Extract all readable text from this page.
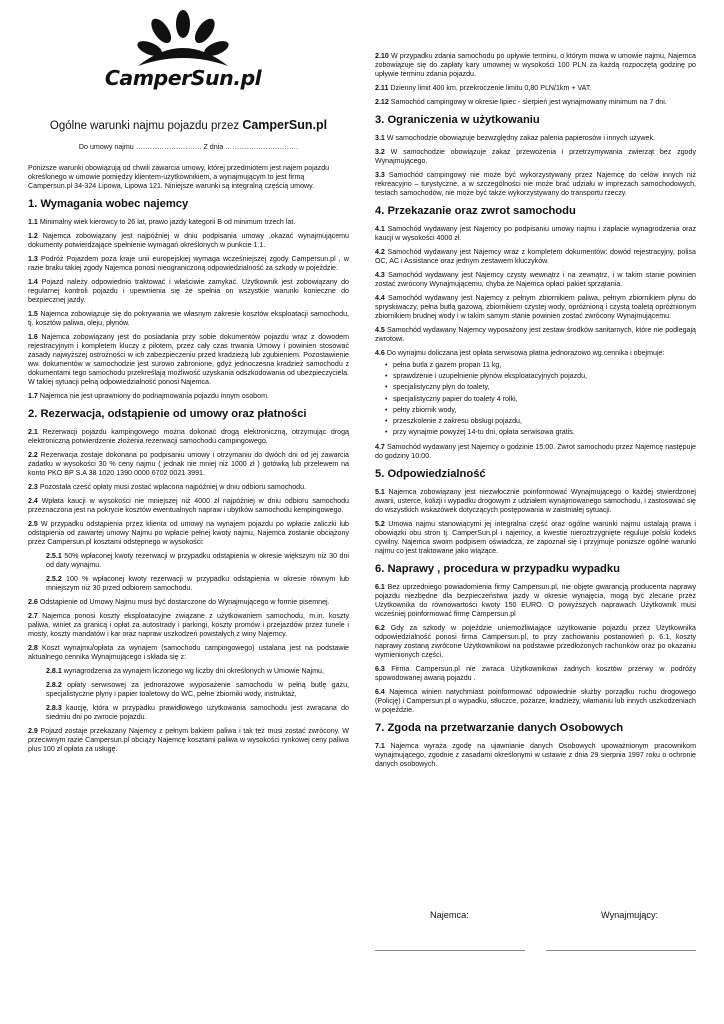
CamperSun.pl

Ogólne warunki najmu pojazdu przez CamperSun.pl

Do umowy najmu ………………………. Z dnia ………………………….

Poniższe warunki obowiązują od chwili zawarcia umowy, której przedmiotem jest najem pojazdu określonego w umowie pomiędzy klientem-użytkownikiem, a wynajmującym to jest firmą Campersun.pl 34-324 Lipowa, Lipowa 121. Niniejsze warunki są integralną częścią umowy.

1. Wymagania wobec najemcy

1.1 Minimalny wiek kierowcy to 26 lat, prawo jazdy kategorii B od minimum trzech lat.

1.2 Najemca zobowiązany jest najpóźniej w dniu podpisania umowy ,okazać wynajmującemu dokumenty potwierdzające spełnienie wymagań określonych w punkcie 1.1.

1.3 Podróż Pojazdem poza kraje unii europejskiej wymaga wcześniejszej zgody Campersun.pl , w razie braku takiej zgody Najemca ponosi nieograniczoną odpowiedzialność za szkody w pojeździe.

1.4 Pojazd należy odpowiednio traktować i właściwie zamykać. Użytkownik jest zobowiązany do regularnej kontroli pojazdu i upewnienia się że spełnia on wszystkie warunki konieczne do bezpiecznej jazdy.

1.5 Najemca zobowiązuje się do pokrywania we własnym zakresie kosztów eksploatacji samochodu, tj. kosztów paliwa, oleju, płynów.

1.6 Najemca zobowiązany jest do posiadania przy sobie dokumentów pojazdu wraz z dowodem rejestracyjnym i kompletem kluczy z pilotem, przez cały czas trwania Umowy i powinien stosować zasady najwyższej ostrożności w ich zabezpieczeniu przed kradzieżą lub zgubieniem. Pozostawienie ww. dokumentów w samochodzie jest surowo zabronione, gdyż jednoczesna kradzież samochodu z dokumentami tego samochodu przekreślają możliwość uzyskania odszkodowania od ubezpieczyciela. W takiej sytuacji pełną odpowiedzialność ponosi Najemca.

1.7 Najemca nie jest uprawniony do podnajmowania pojazdu innym osobom.

2. Rezerwacja, odstąpienie od umowy oraz płatności

2.1 Rezerwacji pojazdu kampingowego można dokonać drogą elektroniczną, otrzymując drogą elektroniczną potwierdzenie złożenia rezerwacji samochodu campingowego.

2.2 Rezerwacja zostaje dokonana po podpisaniu umowy i otrzymaniu do dwóch dni od jej zawarcia zadatku w wysokości 30 % ceny najmu ( jednak nie mniej niż 1000 zł ) gotówką lub przelewem na konto PKO BP S.A 38 1020 1390 0000 6702 0021 3991.

2.3 Pozostała cześć opłaty musi zostać wpłacona najpóźniej w dniu odbioru samochodu.

2.4 Wpłata kaucji w wysokości nie mniejszej niż 4000 zł najpóźniej w dniu odbioru samochodu przeznaczona jest na pokrycie kosztów ewentualnych napraw i ubytków samochodu kempingowego.

2.5 W przypadku odstąpienia przez klienta od umowy na wynajem pojazdu po wpłacie zaliczki lub odstąpienia od zawartej umowy Najmu po wpłacie pełnej kwoty najmu, Najemca zostanie obciążony przez Campersun.pl kosztami odstępnego w wysokości:

2.5.1 50% wpłaconej kwoty rezerwacji w przypadku odstąpienia w okresie większym niż 30 dni od daty wynajmu.

2.5.2 100 % wpłaconej kwoty rezerwacji w przypadku odstąpienia w okresie równym lub mniejszym niż 30 przed odbiorem samochodu.

2.6 Odstąpienie od Umowy Najmu musi być dostarczone do Wynajmującego w formie pisemnej.

2.7 Najemca ponosi koszty eksploatacyjne związane z użytkowaniem samochodu, m.in. koszty paliwa, winiet za granicą i opłat za autostrady i parkingi, koszty promów i przejazdów przez tunele i mosty, koszty mandatów i kar oraz napraw uszkodzeń powstałych z winy Najemcy.

2.8 Koszt wynajmu/opłata za wynajem (samochodu campingowego) ustalana jest na podstawie aktualnego cennika Wynajmującego i składa się z:

2.8.1 wynagrodzenia za wynajem liczonego wg liczby dni określonych w Umowie Najmu,

2.8.2 opłaty serwisowej za jednorazowe wyposażenie samochodu w pełną butlę gazu, specjalistyczne płyny i papier toaletowy do WC, pełne zbiorniki wody, instruktaż,

2.8.3 kaucję, która w przypadku prawidłowego użytkowania samochodu jest zwracana do siedmiu dni po zwrocie pojazdu.

2.9 Pojazd zostaje przekazany Najemcy z pełnym bakiem paliwa i tak też musi zostać zwrócony. W przeciwnym razie Campersun.pl obciąży Najemcę kosztami paliwa w wysokości rynkowej ceny paliwa plus 100 zł opłata za usługę.

2.10 W przypadku zdania samochodu po upływie terminu, o którym mowa w umowie najmu, Najemca zobowiązuje się do zapłaty kary umownej w wysokości 100 PLN za każdą rozpoczętą godzinę po upływie terminu zdania pojazdu.

2.11 Dzienny limit 400 km, przekroczenie limitu 0,80 PLN/1km + VAT.

2.12 Samochód campingowy w okresie lipiec - sierpień jest wynajmowany minimum na 7 dni.

3. Ograniczenia w użytkowaniu

3.1 W samochodzie obowiązuje bezwzględny zakaz palenia papierosów i innych używek.

3.2 W samochodzie obowiązuje zakaz przewożenia i przetrzymywania zwierząt bez zgody Wynajmującego.

3.3 Samochód campingowy nie może być wykorzystywany przez Najemcę do celów innych niż rekreacyjno – turystyczne, a w szczególności nie może brać udziału w imprezach samochodowych, testach samochodów, nie może być także wykorzystywany do transportu rzeczy.

4. Przekazanie oraz zwrot samochodu

4.1 Samochód wydawany jest Najemcy po podpisaniu umowy najmu i zapłacie wynagrodzenia oraz kaucji w wysokości 4000 zł.

4.2 Samochód wydawany jest Najemcy wraz z kompletem dokumentów: dowód rejestracyjny, polisa OC, AC i Assistance oraz jednym zestawem kluczyków.

4.3 Samochód wydawany jest Najemcy czysty wewnątrz i na zewnątrz, i w takim stanie powinien zostać zwrócony Wynajmującemu, chyba że Najemca opłaci pakiet sprzątania.

4.4 Samochód wydawany jest Najemcy z pełnym zbiornikiem paliwa, pełnym zbiornikiem płynu do spryskiwaczy, pełna butlą gazową, zbiornikiem czystej wody, opróżnioną i czystą toaletą opróżnionym zbiornikiem brudnej wody i w takim samym stanie powinien zostać zwrócony Wynajmującemu.

4.5 Samochód wydawany Najemcy wyposażony jest zestaw środków sanitarnych, które nie podlegają zwrotowi.

4.6 Do wynajmu doliczana jest opłata serwisowa płatna jednorazowo wg.cennika i obejmuje:

• pełna butla z gazem propan 11 kg,
• sprawdzenie i uzupełnienie płynów eksploatacyjnych pojazdu,
• specjalistyczny płyn do toalety,
• specjalistyczny papier do toalety 4 rolki,
• pełny zbiornik wody,
• przeszkolenie z zakresu obsługi pojazdu,
• przy wynajmie powyżej 14-tu dni, opłata serwisowa gratis.

4.7 Samochód wydawany jest Najemcy o godzinie 15:00. Zwrot samochodu przez Najemcę następuje do godziny 10:00.

5. Odpowiedzialność

5.1 Najemca zobowiązany jest niezwłocznie poinformować Wynajmującego o każdej stwierdzonej awarii, usterce, kolizji i wypadku drogowym z udziałem wynajmowanego samochodu, i zastosować się do wszystkich wskazówek dotyczących postępowania w zaistniałej sytuacji.

5.2 Umowa najmu stanowiącymi jej integralna część oraz ogólne warunki najmu ustalają prawa i obowiązki obu stron tj. CamperSun.pl i najemcy, a kwestie nieroztrzygnięte reguluje polski kodeks cywilny. Najemca swoim podpisem oświadcza, że zapoznał się i przyjmuje poniższe ogólne warunki najmu co jest traktowane jako wiążące.

6. Naprawy , procedura w przypadku wypadku

6.1 Bez uprzedniego powiadomienia firmy Campersun.pl, nie objęte gwarancją producenta naprawy pojazdu niezbędne dla bezpieczeństwa jazdy w okresie wynajęcia, mogą być zlecane przez Użytkownika do równowartości kwoty 150 EURO. O powyższych naprawach Użytkownik musi wcześniej poinformować firmę Campersun.pl

6.2 Gdy za szkody w pojeździe uniemożliwiające użytkowanie pojazdu przez Użytkownika odpowiedzialność ponosi firma Campersun.pl, to przy zachowaniu postanowień p. 6.1, koszty naprawy zostaną zwrócone Użytkownikowi na podstawie przedłożonych rachunków oraz po okazaniu wymienionych części.

6.3 Firma Campersun.pl nie zwraca Użytkownikowi żadnych kosztów przerwy w podróży spowodowanej awarią pojazdu .

6.4 Najemca winien natychmiast poinformować odpowiednie służby porządku ruchu drogowego (Policję) i Campersun.pl o wypadku, stłuczce, pożarze, kradzieży, włamaniu lub innych uszkodzeniach w pojeździe.

7. Zgoda na przetwarzanie danych Osobowych

7.1 Najemca wyraża zgodę na ujawnianie danych Osobowych upoważnionym pracownikom wynajmującego, zgodnie z zasadami określonymi w ustawie z dnia 29 sierpnia 1997 roku o ochronie danych osobowych.

Najemca:	Wynajmujący:
